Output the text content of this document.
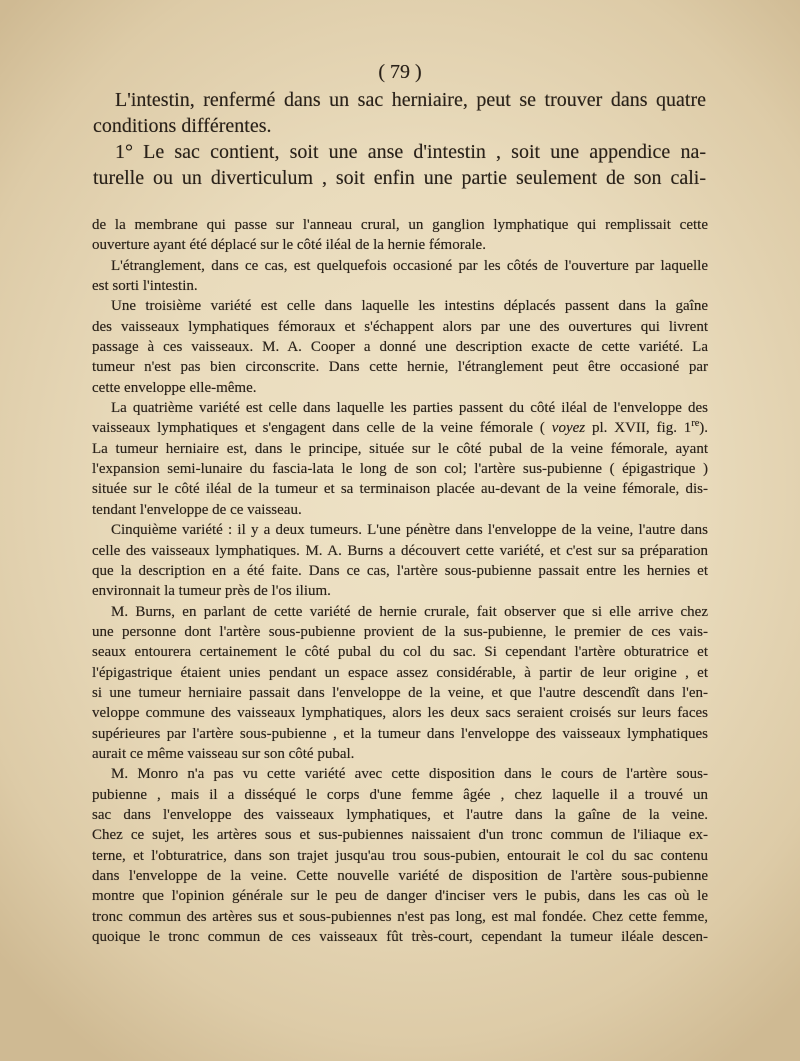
( 79 )
L'intestin, renfermé dans un sac herniaire, peut se trouver dans quatre
conditions différentes.
1° Le sac contient, soit une anse d'intestin , soit une appendice na-
turelle ou un diverticulum , soit enfin une partie seulement de son cali-
de la membrane qui passe sur l'anneau crural, un ganglion lymphatique qui remplissait cette
ouverture ayant été déplacé sur le côté iléal de la hernie fémorale.
L'étranglement, dans ce cas, est quelquefois occasioné par les côtés de l'ouverture par laquelle
est sorti l'intestin.
Une troisième variété est celle dans laquelle les intestins déplacés passent dans la gaîne
des vaisseaux lymphatiques fémoraux et s'échappent alors par une des ouvertures qui livrent
passage à ces vaisseaux. M. A. Cooper a donné une description exacte de cette variété. La
tumeur n'est pas bien circonscrite. Dans cette hernie, l'étranglement peut être occasioné par
cette enveloppe elle-même.
La quatrième variété est celle dans laquelle les parties passent du côté iléal de l'enveloppe des
vaisseaux lymphatiques et s'engagent dans celle de la veine fémorale ( voyez pl. XVII, fig. 1re).
La tumeur herniaire est, dans le principe, située sur le côté pubal de la veine fémorale, ayant
l'expansion semi-lunaire du fascia-lata le long de son col; l'artère sus-pubienne ( épigastrique )
située sur le côté iléal de la tumeur et sa terminaison placée au-devant de la veine fémorale, dis-
tendant l'enveloppe de ce vaisseau.
Cinquième variété : il y a deux tumeurs. L'une pénètre dans l'enveloppe de la veine, l'autre dans
celle des vaisseaux lymphatiques. M. A. Burns a découvert cette variété, et c'est sur sa préparation
que la description en a été faite. Dans ce cas, l'artère sous-pubienne passait entre les hernies et
environnait la tumeur près de l'os ilium.
M. Burns, en parlant de cette variété de hernie crurale, fait observer que si elle arrive chez
une personne dont l'artère sous-pubienne provient de la sus-pubienne, le premier de ces vais-
seaux entourera certainement le côté pubal du col du sac. Si cependant l'artère obturatrice et
l'épigastrique étaient unies pendant un espace assez considérable, à partir de leur origine , et
si une tumeur herniaire passait dans l'enveloppe de la veine, et que l'autre descendît dans l'en-
veloppe commune des vaisseaux lymphatiques, alors les deux sacs seraient croisés sur leurs faces
supérieures par l'artère sous-pubienne , et la tumeur dans l'enveloppe des vaisseaux lymphatiques
aurait ce même vaisseau sur son côté pubal.
M. Monro n'a pas vu cette variété avec cette disposition dans le cours de l'artère sous-
pubienne , mais il a disséqué le corps d'une femme âgée , chez laquelle il a trouvé un
sac dans l'enveloppe des vaisseaux lymphatiques, et l'autre dans la gaîne de la veine.
Chez ce sujet, les artères sous et sus-pubiennes naissaient d'un tronc commun de l'iliaque ex-
terne, et l'obturatrice, dans son trajet jusqu'au trou sous-pubien, entourait le col du sac contenu
dans l'enveloppe de la veine. Cette nouvelle variété de disposition de l'artère sous-pubienne
montre que l'opinion générale sur le peu de danger d'inciser vers le pubis, dans les cas où le
tronc commun des artères sus et sous-pubiennes n'est pas long, est mal fondée. Chez cette femme,
quoique le tronc commun de ces vaisseaux fût très-court, cependant la tumeur iléale descen-
